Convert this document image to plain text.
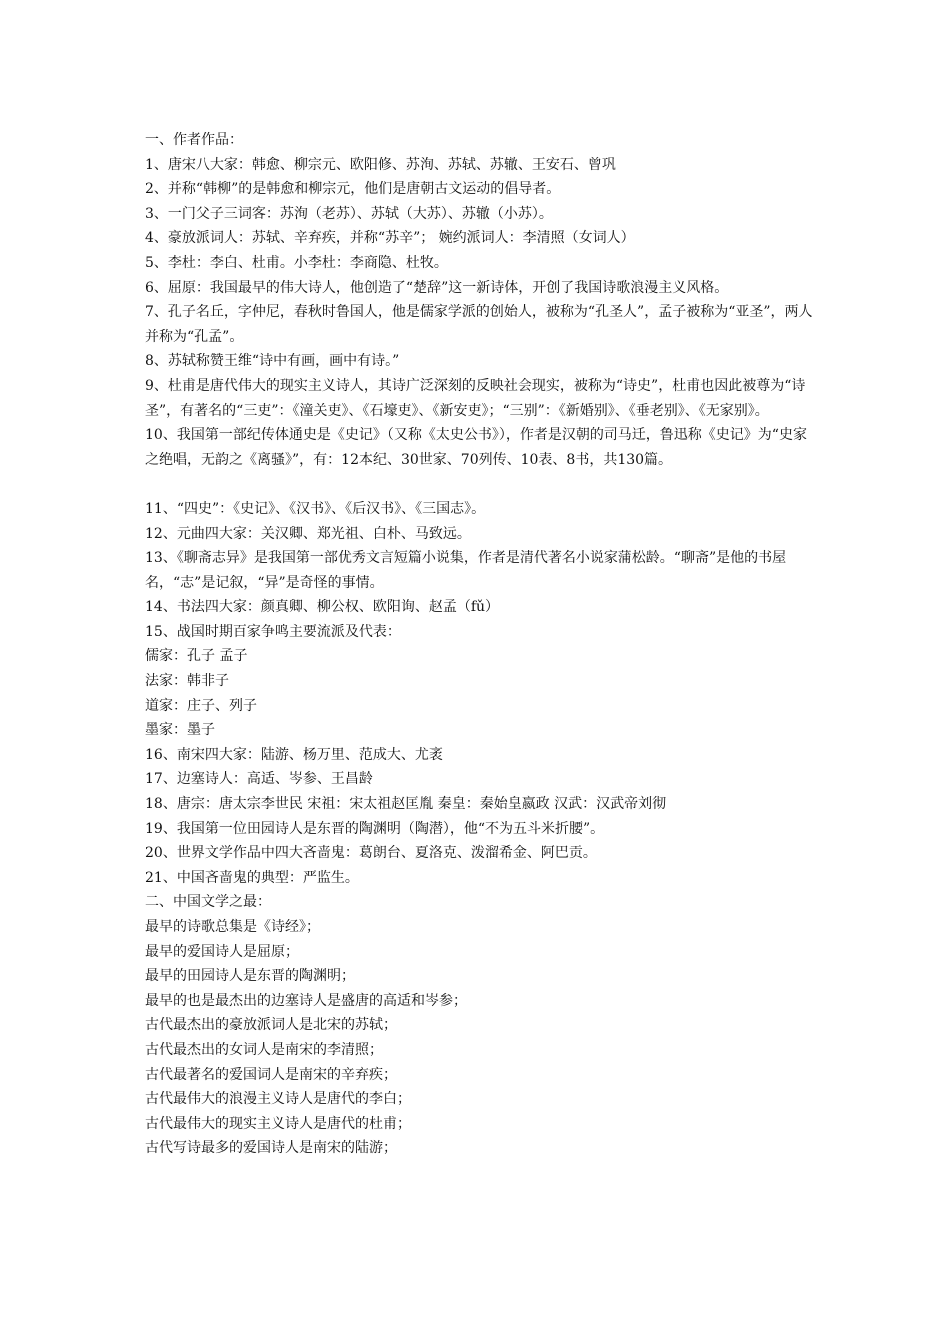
一、作者作品：
1、唐宋八大家：韩愈、柳宗元、欧阳修、苏洵、苏轼、苏辙、王安石、曾巩
2、并称“韩柳”的是韩愈和柳宗元，他们是唐朝古文运动的倡导者。
3、一门父子三词客：苏洵（老苏）、苏轼（大苏）、苏辙（小苏）。
4、豪放派词人：苏轼、辛弃疾，并称“苏辛”； 婉约派词人：李清照（女词人）
5、李杜：李白、杜甫。小李杜：李商隐、杜牧。
6、屈原：我国最早的伟大诗人，他创造了“楚辞”这一新诗体，开创了我国诗歌浪漫主义风格。
7、孔子名丘，字仲尼，春秋时鲁国人，他是儒家学派的创始人，被称为“孔圣人”，孟子被称为“亚圣”，两人并称为“孔孟”。
8、苏轼称赞王维“诗中有画，画中有诗。”
9、杜甫是唐代伟大的现实主义诗人，其诗广泛深刻的反映社会现实，被称为“诗史”，杜甫也因此被尊为“诗圣”，有著名的“三吏”：《潼关吏》、《石壕吏》、《新安吏》；“三别”：《新婚别》、《垂老别》、《无家别》。
10、我国第一部纪传体通史是《史记》（又称《太史公书》），作者是汉朝的司马迁，鲁迅称《史记》为“史家之绝唱，无韵之《离骚》”，有：12本纪、30世家、70列传、10表、8书，共130篇。
11、“四史”：《史记》、《汉书》、《后汉书》、《三国志》。
12、元曲四大家：关汉卿、郑光祖、白朴、马致远。
13、《聊斋志异》是我国第一部优秀文言短篇小说集，作者是清代著名小说家蒲松龄。“聊斋”是他的书屋名，“志”是记叙，“异”是奇怪的事情。
14、书法四大家：颜真卿、柳公权、欧阳询、赵孟（fǔ）
15、战国时期百家争鸣主要流派及代表：
儒家：孔子 孟子
法家：韩非子
道家：庄子、列子
墨家：墨子
16、南宋四大家：陆游、杨万里、范成大、尤袤
17、边塞诗人：高适、岑参、王昌龄
18、唐宗：唐太宗李世民 宋祖：宋太祖赵匡胤 秦皇：秦始皇嬴政 汉武：汉武帝刘彻
19、我国第一位田园诗人是东晋的陶渊明（陶潜），他“不为五斗米折腰”。
20、世界文学作品中四大吝啬鬼：葛朗台、夏洛克、泼溜希金、阿巴贡。
21、中国吝啬鬼的典型：严监生。
二、中国文学之最：
最早的诗歌总集是《诗经》；
最早的爱国诗人是屈原；
最早的田园诗人是东晋的陶渊明；
最早的也是最杰出的边塞诗人是盛唐的高适和岑参；
古代最杰出的豪放派词人是北宋的苏轼；
古代最杰出的女词人是南宋的李清照；
古代最著名的爱国词人是南宋的辛弃疾；
古代最伟大的浪漫主义诗人是唐代的李白；
古代最伟大的现实主义诗人是唐代的杜甫；
古代写诗最多的爱国诗人是南宋的陆游；
